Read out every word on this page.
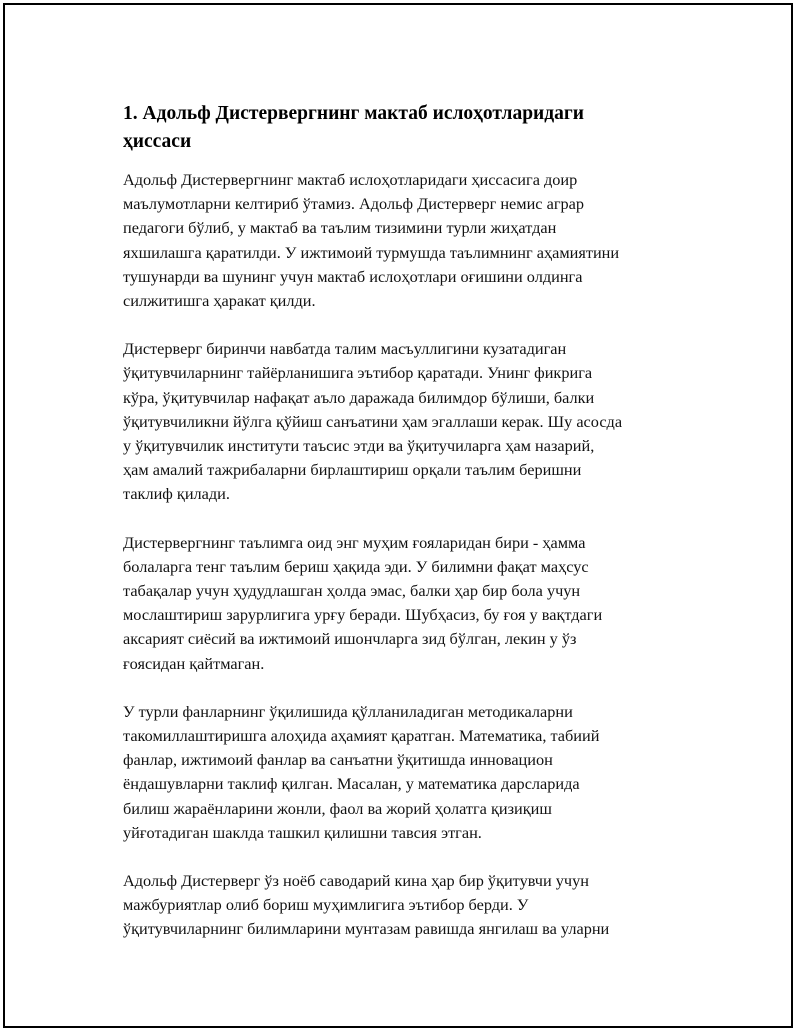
1. Адольф Дистервергнинг мактаб ислоҳотларидаги
ҳиссаси

Адольф Дистервергнинг мактаб ислоҳотларидаги ҳиссасига доир
маълумотларни келтириб ўтамиз. Адольф Дистерверг немис аграр
педагоги бўлиб, у мактаб ва таълим тизимини турли жиҳатдан
яхшилашга қаратилди. У ижтимоий турмушда таълимнинг аҳамиятини
тушунарди ва шунинг учун мактаб ислоҳотлари оғишини олдинга
силжитишга ҳаракат қилди.

Дистерверг биринчи навбатда талим масъуллигини кузатадиган
ўқитувчиларнинг тайёрланишига эътибор қаратади. Унинг фикрига
кўра, ўқитувчилар нафақат аъло даражада билимдор бўлиши, балки
ўқитувчиликни йўлга қўйиш санъатини ҳам эгаллаши керак. Шу асосда
у ўқитувчилик институти таъсис этди ва ўқитучиларга ҳам назарий,
ҳам амалий тажрибаларни бирлаштириш орқали таълим беришни
таклиф қилади.

Дистервергнинг таълимга оид энг муҳим ғояларидан бири - ҳамма
болаларга тенг таълим бериш ҳақида эди. У билимни фақат маҳсус
табақалар учун ҳудудлашган ҳолда эмас, балки ҳар бир бола учун
мослаштириш зарурлигига урғу беради. Шубҳасиз, бу ғоя у вақтдаги
аксарият сиёсий ва ижтимоий ишончларга зид бўлган, лекин у ўз
ғоясидан қайтмаган.

У турли фанларнинг ўқилишида қўлланиладиган методикаларни
такомиллаштиришга алоҳида аҳамият қаратган. Математика, табиий
фанлар, ижтимоий фанлар ва санъатни ўқитишда инновацион
ёндашувларни таклиф қилган. Масалан, у математика дарсларида
билиш жараёнларини жонли, фаол ва жорий ҳолатга қизиқиш
уйғотадиган шаклда ташкил қилишни тавсия этган.

Адольф Дистерверг ўз ноёб саводарий кина ҳар бир ўқитувчи учун
мажбуриятлар олиб бориш муҳимлигига эътибор берди. У
ўқитувчиларнинг билимларини мунтазам равишда янгилаш ва уларни
